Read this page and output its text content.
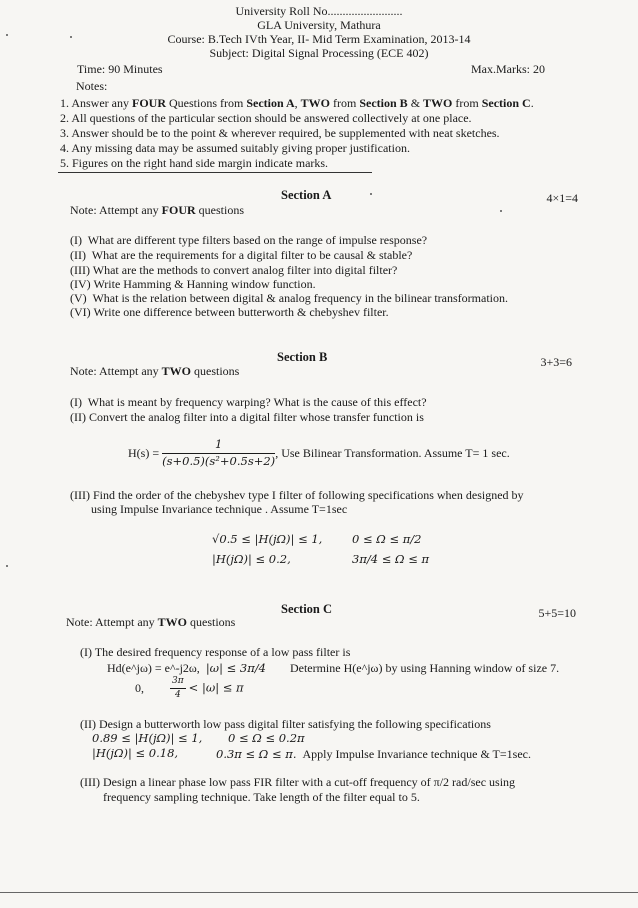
University Roll No.........................
GLA University, Mathura
Course: B.Tech IVth Year, II- Mid Term Examination, 2013-14
Subject: Digital Signal Processing (ECE 402)
Time: 90 Minutes	Max.Marks: 20
Notes:
1. Answer any FOUR Questions from Section A, TWO from Section B & TWO from Section C.
2. All questions of the particular section should be answered collectively at one place.
3. Answer should be to the point & wherever required, be supplemented with neat sketches.
4. Any missing data may be assumed suitably giving proper justification.
5. Figures on the right hand side margin indicate marks.
Section A	4×1=4
Note: Attempt any FOUR questions
(I) What are different type filters based on the range of impulse response?
(II) What are the requirements for a digital filter to be causal & stable?
(III) What are the methods to convert analog filter into digital filter?
(IV) Write Hamming & Hanning window function.
(V) What is the relation between digital & analog frequency in the bilinear transformation.
(VI) Write one difference between butterworth & chebyshev filter.
Section B	3+3=6
Note: Attempt any TWO questions
(I) What is meant by frequency warping? What is the cause of this effect?
(II) Convert the analog filter into a digital filter whose transfer function is
$H(s) = \frac{1}{\text{(s+0.5)(s²+0.5s+2)}}$ , Use Bilinear Transformation. Assume T= 1 sec.
(III) Find the order of the chebyshev type I filter of following specifications when designed by
using Impulse Invariance technique . Assume T=1sec
√0.5 ≤ |H(jΩ)| ≤ 1,	0 ≤ Ω ≤ π/2
|H(jΩ)| ≤ 0.2,	3π/4 ≤ Ω ≤ π
Section C	5+5=10
Note: Attempt any TWO questions
(I) The desired frequency response of a low pass filter is
Hd(e^jω) = e^-j2ω, |ω| ≤ 3π/4 Determine H(e^jω) by using Hanning window of size 7.
0,	$\frac{3\pi}{4} < |\omega| \le \pi$
(II) Design a butterworth low pass digital filter satisfying the following specifications
0.89 ≤ |H(jΩ)| ≤ 1, 0 ≤ Ω ≤ 0.2π
|H(jΩ)| ≤ 0.18,	0.3π ≤ Ω ≤ π. Apply Impulse Invariance technique & T=1sec.
(III) Design a linear phase low pass FIR filter with a cut-off frequency of π/2 rad/sec using
frequency sampling technique. Take length of the filter equal to 5.
